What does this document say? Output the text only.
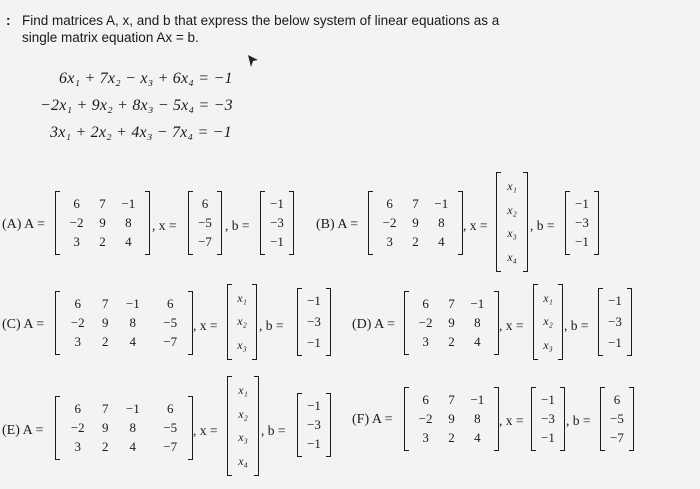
: Find matrices A, x, and b that express the below system of linear equations as a
single matrix equation Ax = b.
6x₁ + 7x₂ − x₃ + 6x₄ = −1
−2x₁ + 9x₂ + 8x₃ − 5x₄ = −3
3x₁ + 2x₂ + 4x₃ − 7x₄ = −1
(A) A =
6	7	−1
−2	9	8
3	2	4
, x =
6
−5
−7
, b =
−1
−3
−1
(B) A =
6	7	−1
−2	9	8
3	2	4
, x =
x₁
x₂
x₃
x₄
, b =
−1
−3
−1
(C) A =
6	7	−1	6
−2	9	8	−5
3	2	4	−7
, x =
x₁
x₂
x₃
, b =
−1
−3
−1
(D) A =
6	7	−1
−2	9	8
3	2	4
, x =
x₁
x₂
x₃
, b =
−1
−3
−1
(E) A =
6	7	−1	6
−2	9	8	−5
3	2	4	−7
, x =
x₁
x₂
x₃
x₄
, b =
−1
−3
−1
(F) A =
6	7	−1
−2	9	8
3	2	4
, x =
−1
−3
−1
, b =
6
−5
−7
